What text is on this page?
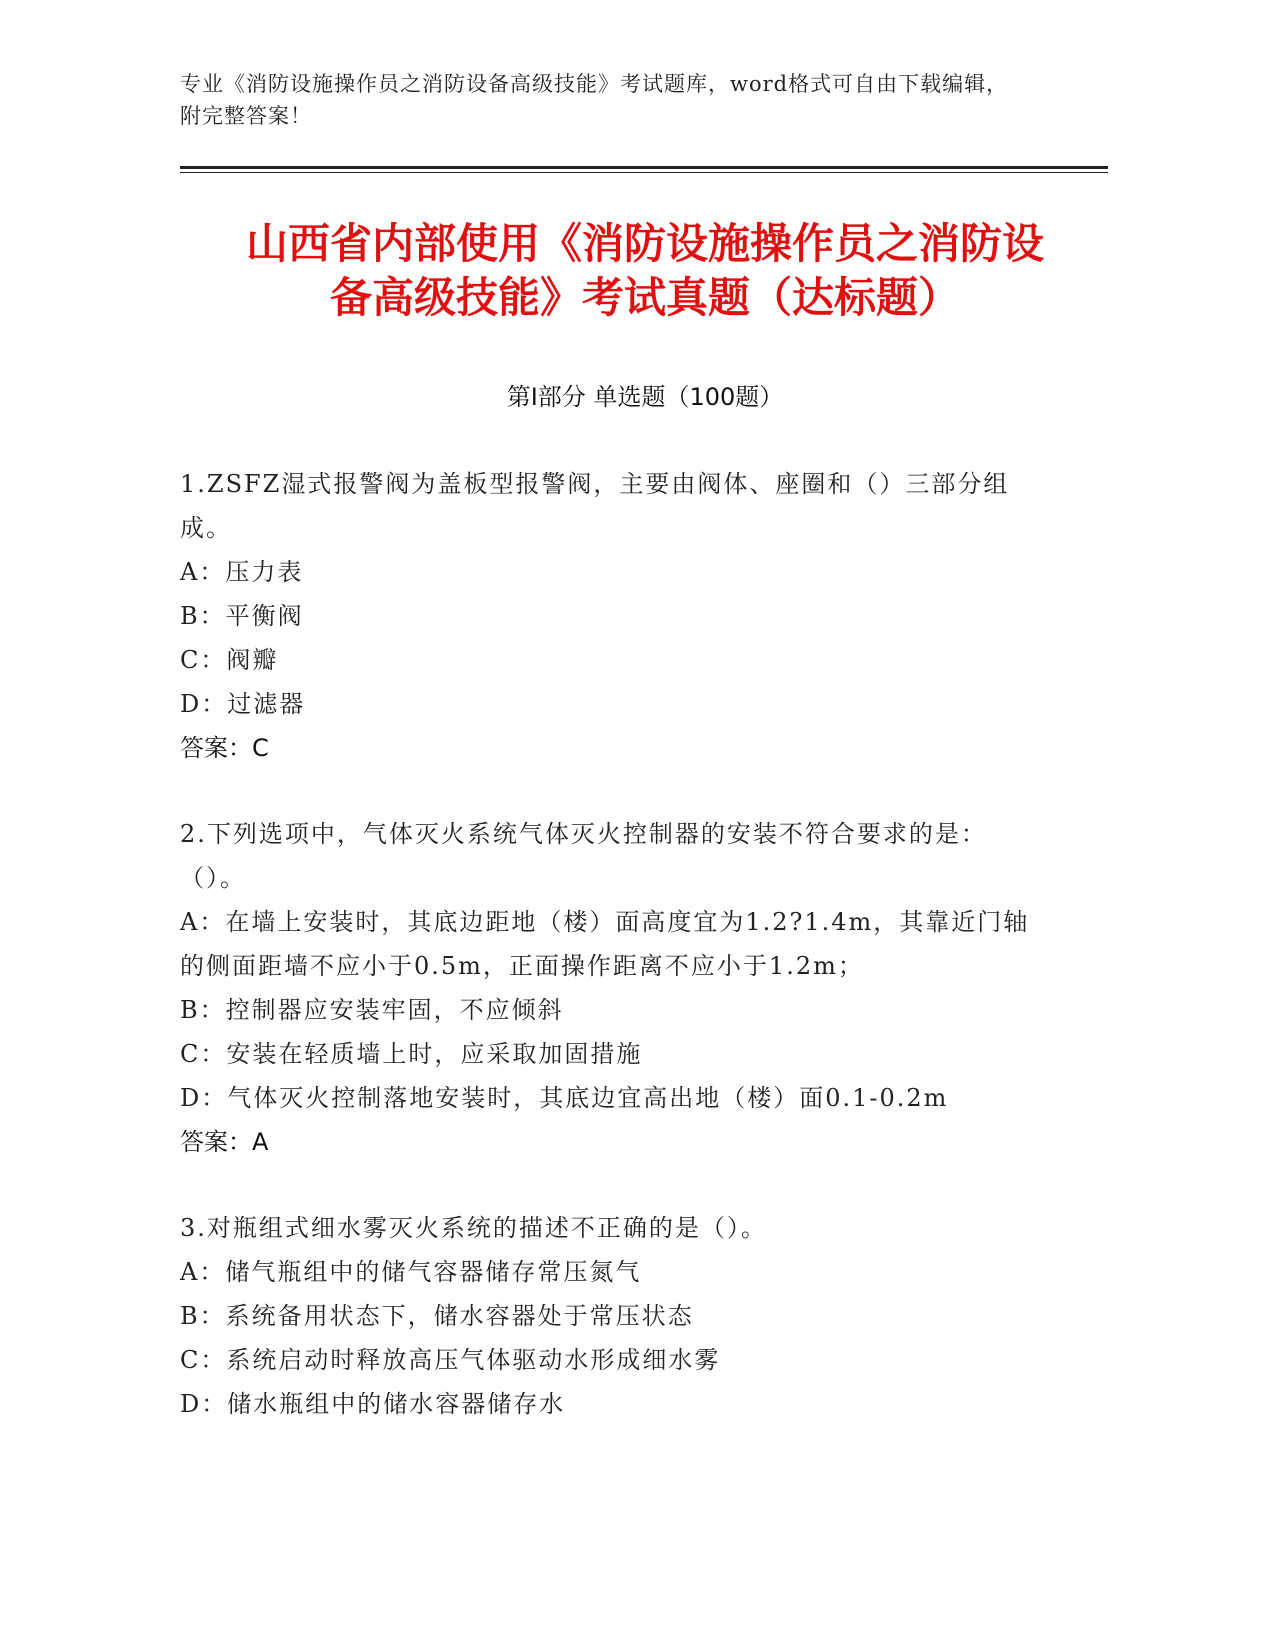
专业《消防设施操作员之消防设备高级技能》考试题库，word格式可自由下载编辑，附完整答案！
山西省内部使用《消防设施操作员之消防设备高级技能》考试真题（达标题）
第I部分 单选题（100题）
1.ZSFZ湿式报警阀为盖板型报警阀，主要由阀体、座圈和（）三部分组成。
A：压力表
B：平衡阀
C：阀瓣
D：过滤器
答案：C
2.下列选项中，气体灭火系统气体灭火控制器的安装不符合要求的是：（）。
A：在墙上安装时，其底边距地（楼）面高度宜为1.2?1.4m，其靠近门轴的侧面距墙不应小于0.5m，正面操作距离不应小于1.2m；
B：控制器应安装牢固，不应倾斜
C：安装在轻质墙上时，应采取加固措施
D：气体灭火控制落地安装时，其底边宜高出地（楼）面0.1-0.2m
答案：A
3.对瓶组式细水雾灭火系统的描述不正确的是（）。
A：储气瓶组中的储气容器储存常压氮气
B：系统备用状态下，储水容器处于常压状态
C：系统启动时释放高压气体驱动水形成细水雾
D：储水瓶组中的储水容器储存水
